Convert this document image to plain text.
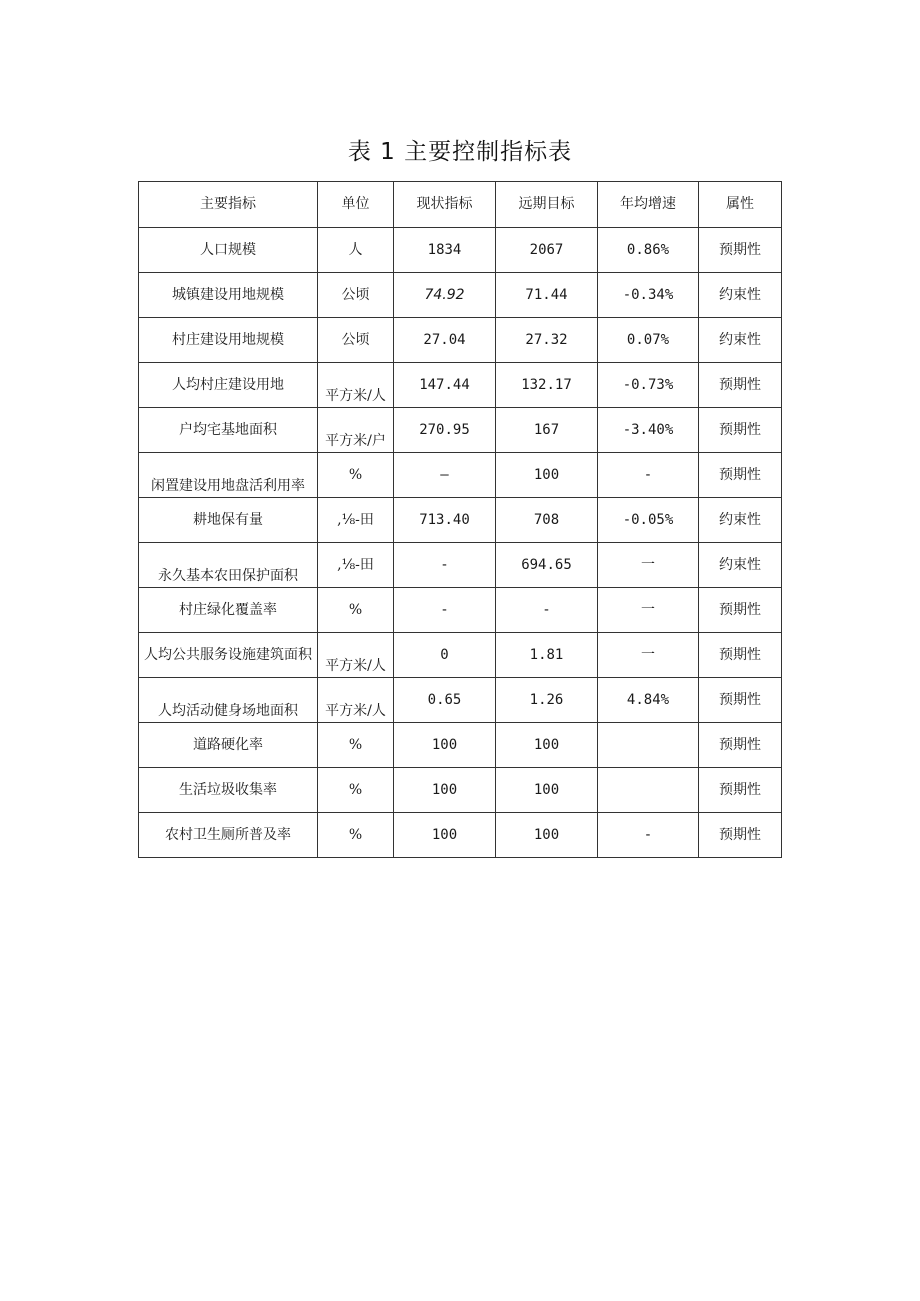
表 1 主要控制指标表
主要指标	单位	现状指标	远期目标	年均增速	属性
人口规模	人	1834	2067	0.86%	预期性
城镇建设用地规模	公顷	74.92	71.44	-0.34%	约束性
村庄建设用地规模	公顷	27.04	27.32	0.07%	约束性
人均村庄建设用地	平方米/人	147.44	132.17	-0.73%	预期性
户均宅基地面积	平方米/户	270.95	167	-3.40%	预期性
闲置建设用地盘活利用率	%	—	100	-	预期性
耕地保有量	,⅛-田	713.40	708	-0.05%	约束性
永久基本农田保护面积	,⅛-田	-	694.65	一	约束性
村庄绿化覆盖率	%	-	-	一	预期性
人均公共服务设施建筑面积	平方米/人	0	1.81	一	预期性
人均活动健身场地面积	平方米/人	0.65	1.26	4.84%	预期性
道路硬化率	%	100	100		预期性
生活垃圾收集率	%	100	100		预期性
农村卫生厕所普及率	%	100	100	-	预期性
